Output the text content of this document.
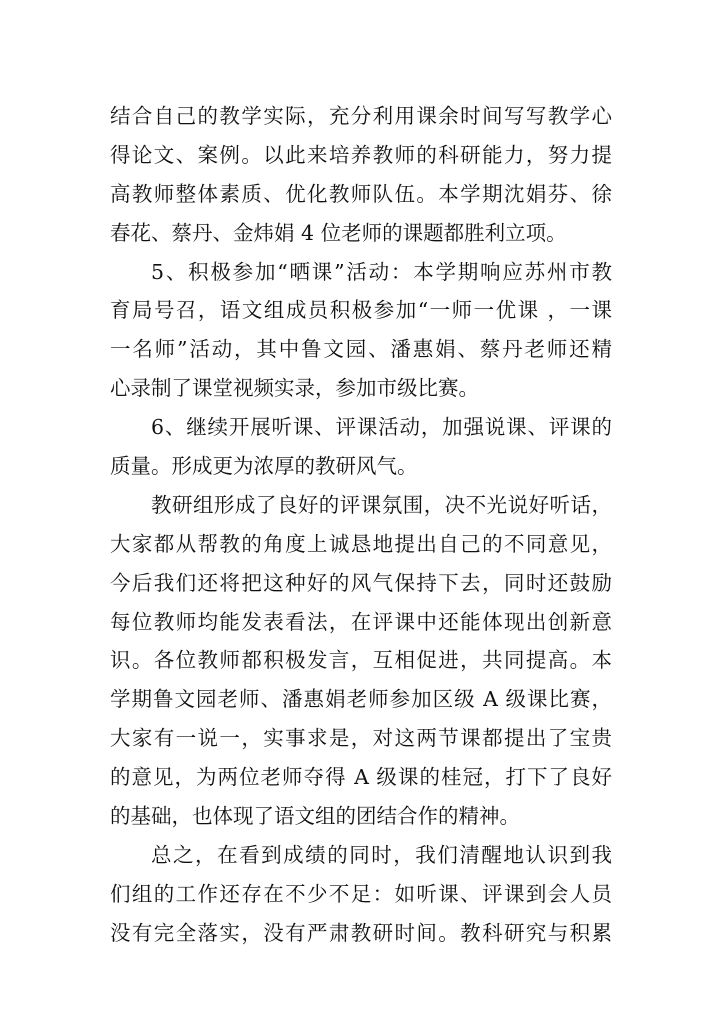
结合自己的教学实际，充分利用课余时间写写教学心
得论文、案例。以此来培养教师的科研能力，努力提
高教师整体素质、优化教师队伍。本学期沈娟芬、徐
春花、蔡丹、金炜娟 4 位老师的课题都胜利立项。
5、积极参加“晒课”活动：本学期响应苏州市教
育局号召，语文组成员积极参加“一师一优课 ，一课
一名师”活动，其中鲁文园、潘惠娟、蔡丹老师还精
心录制了课堂视频实录，参加市级比赛。
6、继续开展听课、评课活动，加强说课、评课的
质量。形成更为浓厚的教研风气。
教研组形成了良好的评课氛围，决不光说好听话，
大家都从帮教的角度上诚恳地提出自己的不同意见，
今后我们还将把这种好的风气保持下去，同时还鼓励
每位教师均能发表看法，在评课中还能体现出创新意
识。各位教师都积极发言，互相促进，共同提高。本
学期鲁文园老师、潘惠娟老师参加区级 A 级课比赛，
大家有一说一，实事求是，对这两节课都提出了宝贵
的意见，为两位老师夺得 A 级课的桂冠，打下了良好
的基础，也体现了语文组的团结合作的精神。
总之，在看到成绩的同时，我们清醒地认识到我
们组的工作还存在不少不足：如听课、评课到会人员
没有完全落实，没有严肃教研时间。教科研究与积累
